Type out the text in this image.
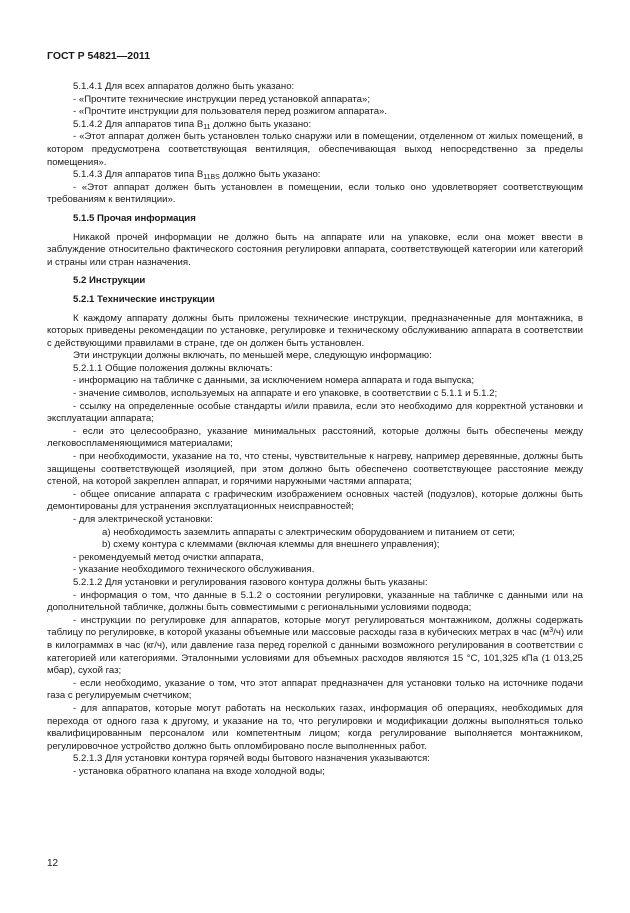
ГОСТ Р 54821—2011
5.1.4.1 Для всех аппаратов должно быть указано:
- «Прочтите технические инструкции перед установкой аппарата»;
- «Прочтите инструкции для пользователя перед розжигом аппарата».
5.1.4.2 Для аппаратов типа $В_{11}$ должно быть указано:
- «Этот аппарат должен быть установлен только снаружи или в помещении, отделенном от жилых помещений, в котором предусмотрена соответствующая вентиляция, обеспечивающая выход непосредственно за пределы помещения».
5.1.4.3 Для аппаратов типа $В_{11BS}$ должно быть указано:
- «Этот аппарат должен быть установлен в помещении, если только оно удовлетворяет соответствующим требованиям к вентиляции».
5.1.5 Прочая информация
Никакой прочей информации не должно быть на аппарате или на упаковке, если она может ввести в заблуждение относительно фактического состояния регулировки аппарата, соответствующей категории или категорий и страны или стран назначения.
5.2 Инструкции
5.2.1 Технические инструкции
К каждому аппарату должны быть приложены технические инструкции, предназначенные для монтажника, в которых приведены рекомендации по установке, регулировке и техническому обслуживанию аппарата в соответствии с действующими правилами в стране, где он должен быть установлен.
Эти инструкции должны включать, по меньшей мере, следующую информацию:
5.2.1.1 Общие положения должны включать:
- информацию на табличке с данными, за исключением номера аппарата и года выпуска;
- значение символов, используемых на аппарате и его упаковке, в соответствии с 5.1.1 и 5.1.2;
- ссылку на определенные особые стандарты и/или правила, если это необходимо для корректной установки и эксплуатации аппарата;
- если это целесообразно, указание минимальных расстояний, которые должны быть обеспечены между легковоспламеняющимися материалами;
- при необходимости, указание на то, что стены, чувствительные к нагреву, например деревянные, должны быть защищены соответствующей изоляцией, при этом должно быть обеспечено соответствующее расстояние между стеной, на которой закреплен аппарат, и горячими наружными частями аппарата;
- общее описание аппарата с графическим изображением основных частей (подузлов), которые должны быть демонтированы для устранения эксплуатационных неисправностей;
- для электрической установки:
a) необходимость заземлить аппараты с электрическим оборудованием и питанием от сети;
b) схему контура с клеммами (включая клеммы для внешнего управления);
- рекомендуемый метод очистки аппарата,
- указание необходимого технического обслуживания.
5.2.1.2 Для установки и регулирования газового контура должны быть указаны:
- информация о том, что данные в 5.1.2 о состоянии регулировки, указанные на табличке с данными или на дополнительной табличке, должны быть совместимыми с региональными условиями подвода;
- инструкции по регулировке для аппаратов, которые могут регулироваться монтажником, должны содержать таблицу по регулировке, в которой указаны объемные или массовые расходы газа в кубических метрах в час $(м^3/ч)$ или в килограммах в час (кг/ч), или давление газа перед горелкой с данными возможного регулирования в соответствии с категорией или категориями. Эталонными условиями для объемных расходов являются 15 °С, 101,325 кПа (1 013,25 мбар), сухой газ;
- если необходимо, указание о том, что этот аппарат предназначен для установки только на источнике подачи газа с регулируемым счетчиком;
- для аппаратов, которые могут работать на нескольких газах, информация об операциях, необходимых для перехода от одного газа к другому, и указание на то, что регулировки и модификации должны выполняться только квалифицированным персоналом или компетентным лицом; когда регулирование выполняется монтажником, регулировочное устройство должно быть опломбировано после выполненных работ.
5.2.1.3 Для установки контура горячей воды бытового назначения указываются:
- установка обратного клапана на входе холодной воды;
12
